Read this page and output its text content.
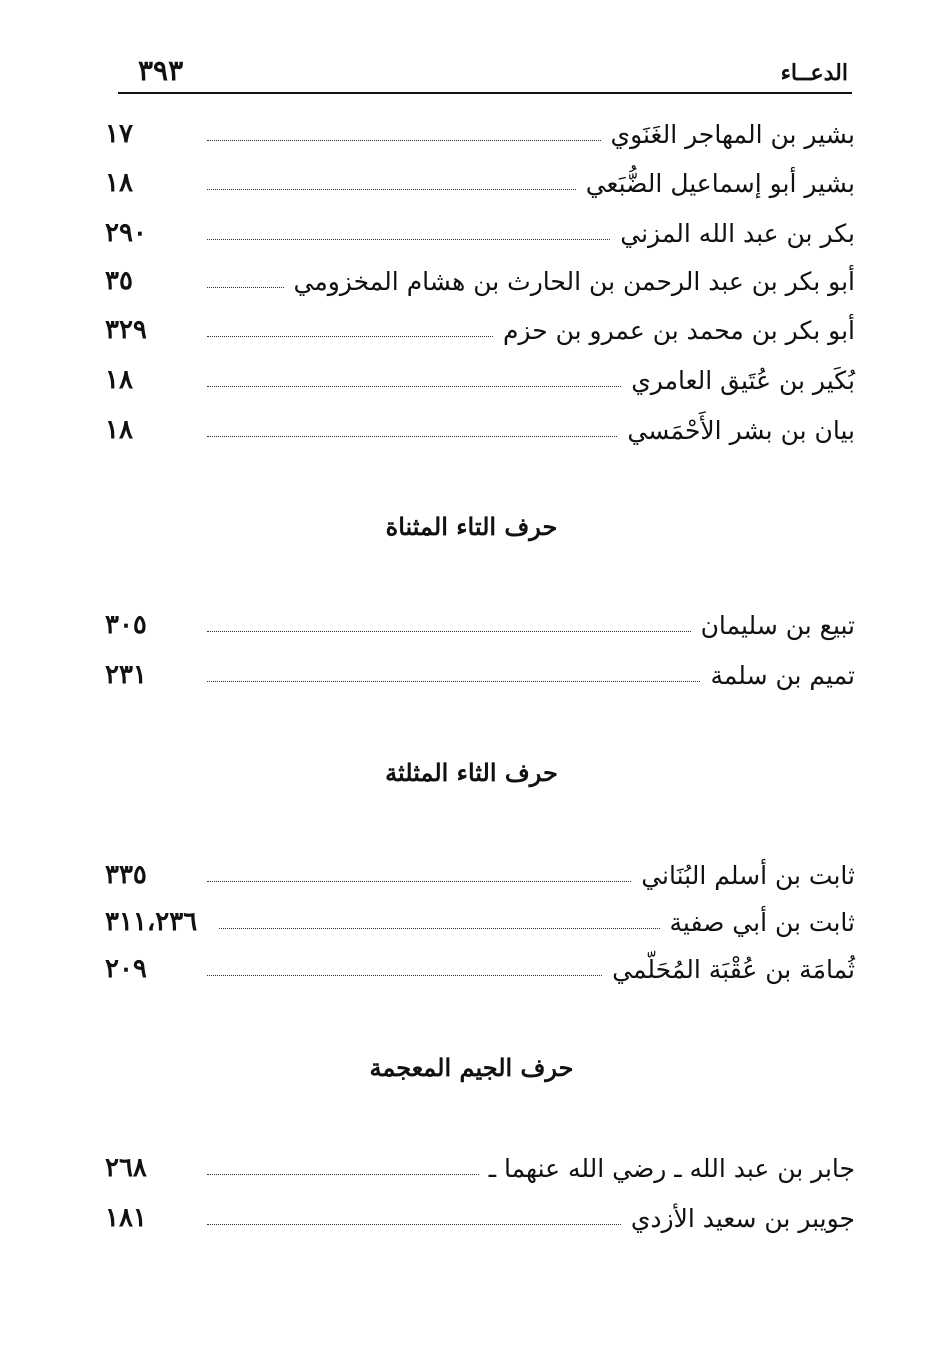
الدعــاء
٣٩٣
بشير بن المهاجر الغَنَوي
١٧
بشير أبو إسماعيل الضُّبَعي
١٨
بكر بن عبد الله المزني
٢٩٠
أبو بكر بن عبد الرحمن بن الحارث بن هشام المخزومي
٣٥
أبو بكر بن محمد بن عمرو بن حزم
٣٢٩
بُكَير بن عُتَيق العامري
١٨
بيان بن بشر الأَحْمَسي
١٨
حرف التاء المثناة
تبيع بن سليمان
٣٠٥
تميم بن سلمة
٢٣١
حرف الثاء المثلثة
ثابت بن أسلم البُنَاني
٣٣٥
ثابت بن أبي صفية
٣١١،٢٣٦
ثُمامَة بن عُقْبَة المُحَلّمي
٢٠٩
حرف الجيم المعجمة
جابر بن عبد الله ـ رضي الله عنهما ـ
٢٦٨
جويبر بن سعيد الأزدي
١٨١
